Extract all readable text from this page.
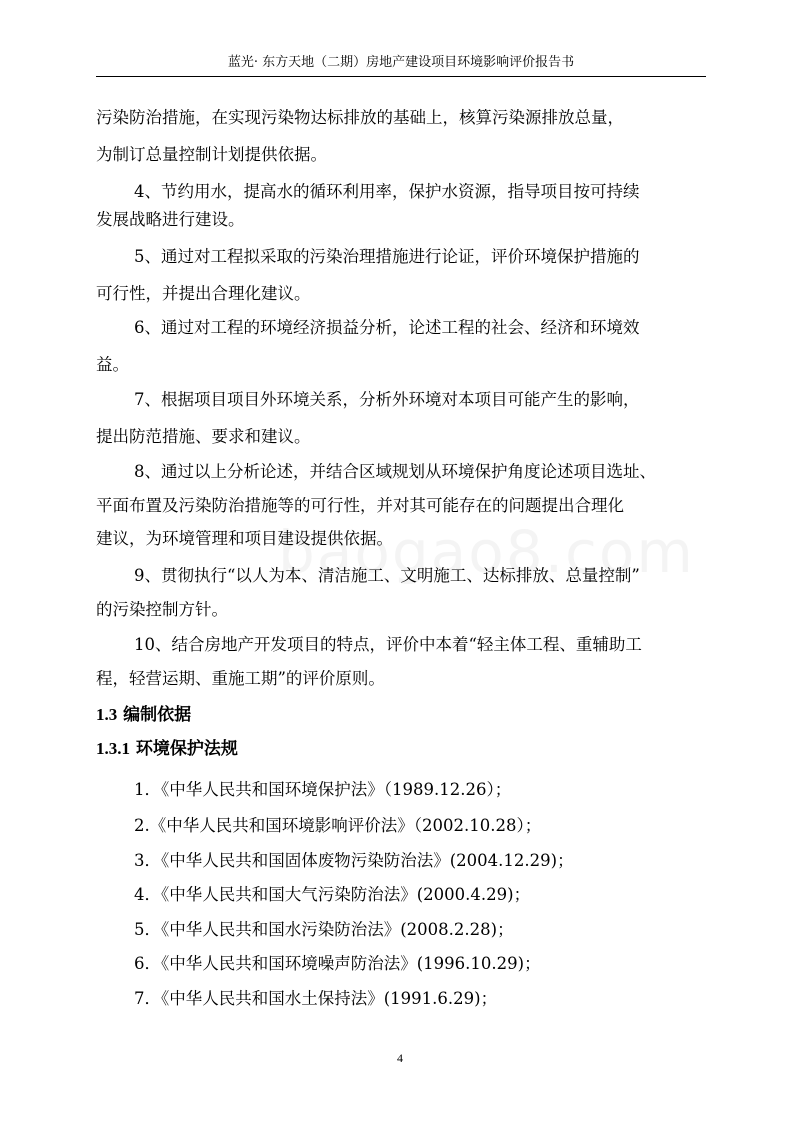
蓝光· 东方天地（二期）房地产建设项目环境影响评价报告书
污染防治措施，在实现污染物达标排放的基础上，核算污染源排放总量，
为制订总量控制计划提供依据。
4、节约用水，提高水的循环利用率，保护水资源，指导项目按可持续
发展战略进行建设。
5、通过对工程拟采取的污染治理措施进行论证，评价环境保护措施的
可行性，并提出合理化建议。
6、通过对工程的环境经济损益分析，论述工程的社会、经济和环境效
益。
7、根据项目项目外环境关系，分析外环境对本项目可能产生的影响，
提出防范措施、要求和建议。
8、通过以上分析论述，并结合区域规划从环境保护角度论述项目选址、
平面布置及污染防治措施等的可行性，并对其可能存在的问题提出合理化
建议，为环境管理和项目建设提供依据。
9、贯彻执行“以人为本、清洁施工、文明施工、达标排放、总量控制”
的污染控制方针。
10、结合房地产开发项目的特点，评价中本着“轻主体工程、重辅助工
程，轻营运期、重施工期”的评价原则。
1.3 编制依据
1.3.1 环境保护法规
1．《中华人民共和国环境保护法》（1989.12.26）；
2.《中华人民共和国环境影响评价法》（2002.10.28）；
3．《中华人民共和国固体废物污染防治法》(2004.12.29)；
4．《中华人民共和国大气污染防治法》(2000.4.29)；
5．《中华人民共和国水污染防治法》(2008.2.28)；
6．《中华人民共和国环境噪声防治法》(1996.10.29)；
7．《中华人民共和国水土保持法》(1991.6.29)；
4
